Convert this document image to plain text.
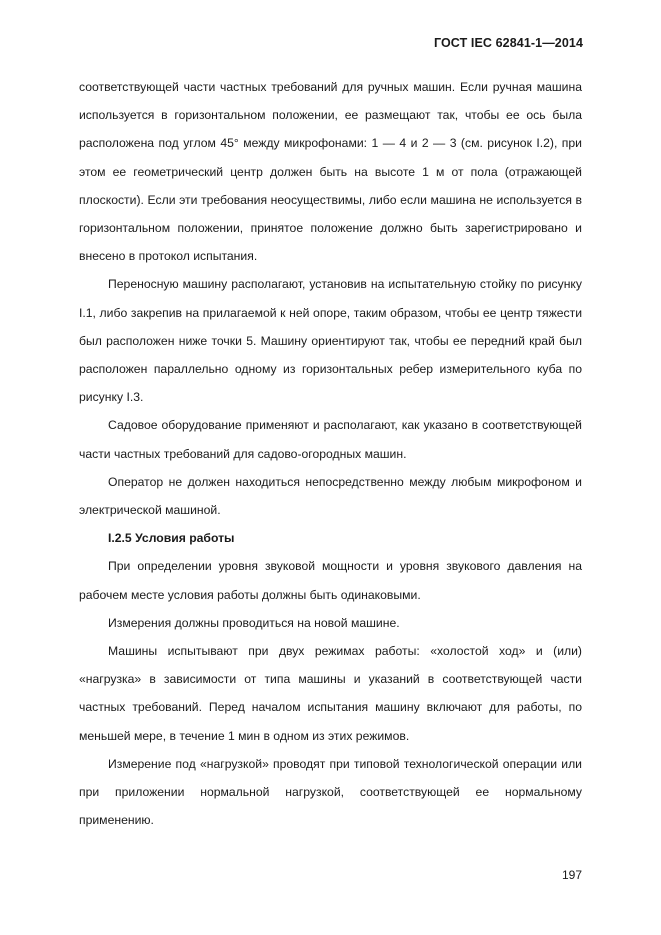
ГОСТ IEC 62841-1—2014

соответствующей части частных требований для ручных машин. Если ручная машина используется в горизонтальном положении, ее размещают так, чтобы ее ось была расположена под углом 45° между микрофонами: 1 — 4 и 2 — 3 (см. рисунок I.2), при этом ее геометрический центр должен быть на высоте 1 м от пола (отражающей плоскости). Если эти требования неосуществимы, либо если машина не используется в горизонтальном положении, принятое положение должно быть зарегистрировано и внесено в протокол испытания.

Переносную машину располагают, установив на испытательную стойку по рисунку I.1, либо закрепив на прилагаемой к ней опоре, таким образом, чтобы ее центр тяжести был расположен ниже точки 5. Машину ориентируют так, чтобы ее передний край был расположен параллельно одному из горизонтальных ребер измерительного куба по рисунку I.3.

Садовое оборудование применяют и располагают, как указано в соответствующей части частных требований для садово-огородных машин.

Оператор не должен находиться непосредственно между любым микрофоном и электрической машиной.

I.2.5 Условия работы

При определении уровня звуковой мощности и уровня звукового давления на рабочем месте условия работы должны быть одинаковыми.

Измерения должны проводиться на новой машине.

Машины испытывают при двух режимах работы: «холостой ход» и (или) «нагрузка» в зависимости от типа машины и указаний в соответствующей части частных требований. Перед началом испытания машину включают для работы, по меньшей мере, в течение 1 мин в одном из этих режимов.

Измерение под «нагрузкой» проводят при типовой технологической операции или при приложении нормальной нагрузкой, соответствующей ее нормальному применению.

197
